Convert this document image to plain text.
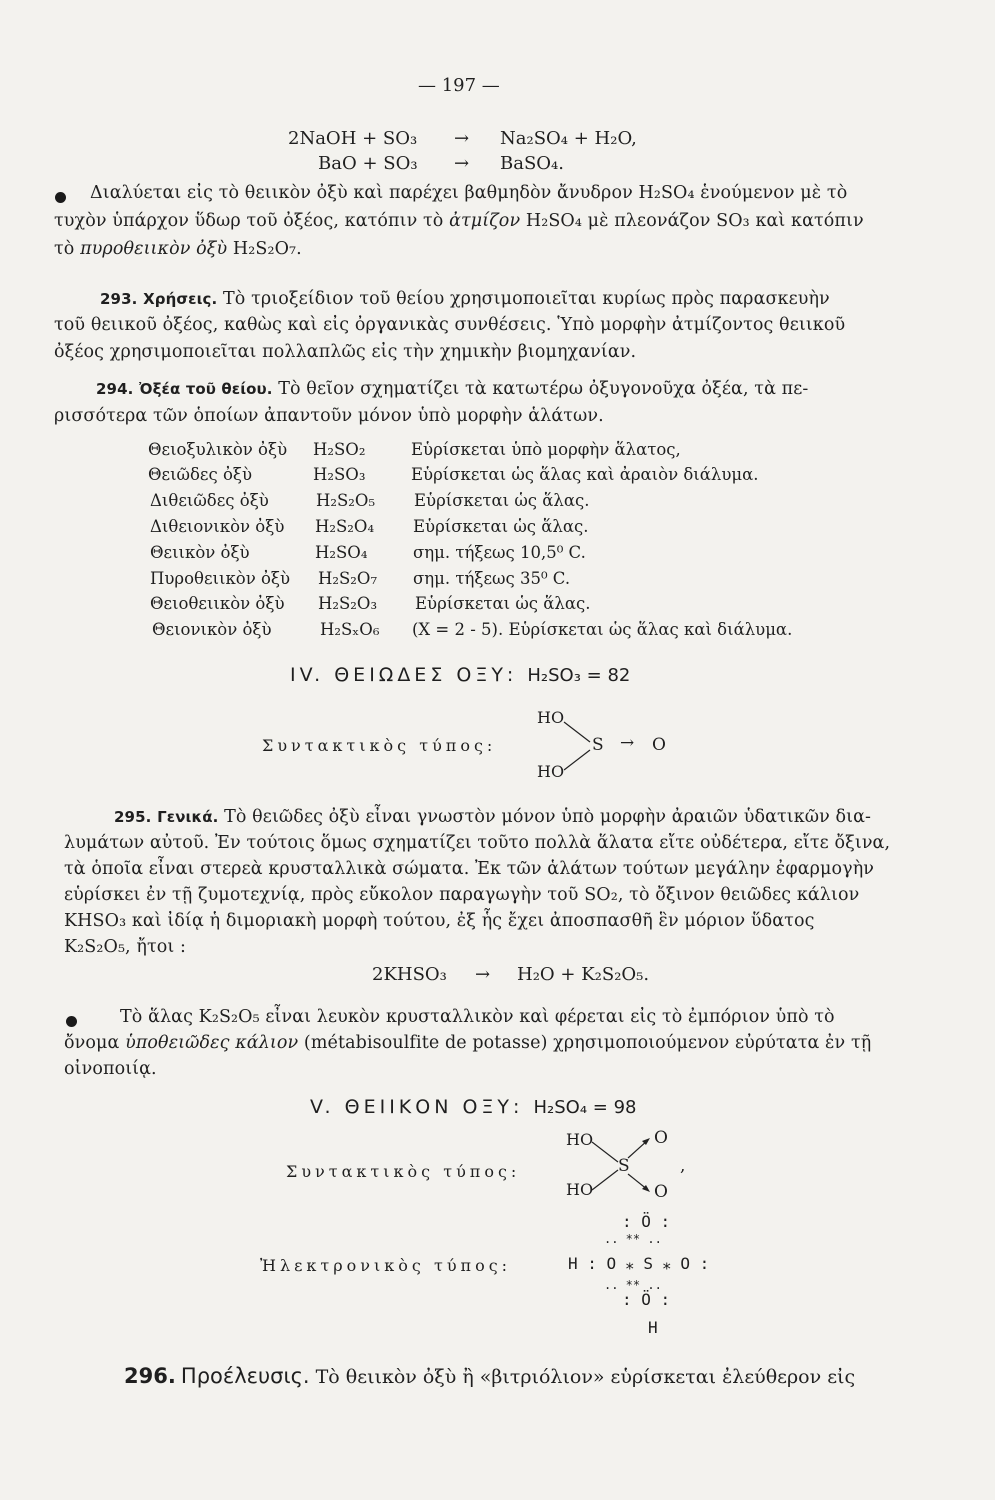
— 197 —
2NaOH + SO₃ → Na₂SO₄ + H₂O,
BaO + SO₃ → BaSO₄.
Διαλύεται εἰς τὸ θειικὸν ὀξὺ καὶ παρέχει βαθμηδὸν ἄνυδρον H₂SO₄ ἑνούμενον μὲ τὸ
τυχὸν ὑπάρχον ὕδωρ τοῦ ὀξέος, κατόπιν τὸ ἀτμίζον H₂SO₄ μὲ πλεονάζον SO₃ καὶ κατόπιν
τὸ πυροθειικὸν ὀξὺ H₂S₂O₇.
293. Χρήσεις. Τὸ τριοξείδιον τοῦ θείου χρησιμοποιεῖται κυρίως πρὸς παρασκευὴν
τοῦ θειικοῦ ὀξέος, καθὼς καὶ εἰς ὀργανικὰς συνθέσεις. Ὑπὸ μορφὴν ἀτμίζοντος θειικοῦ
ὀξέος χρησιμοποιεῖται πολλαπλῶς εἰς τὴν χημικὴν βιομηχανίαν.
294. Ὀξέα τοῦ θείου. Τὸ θεῖον σχηματίζει τὰ κατωτέρω ὀξυγονοῦχα ὀξέα, τὰ πε-
ρισσότερα τῶν ὁποίων ἀπαντοῦν μόνον ὑπὸ μορφὴν ἁλάτων.
Θειοξυλικὸν ὀξὺ H₂SO₂	Εὑρίσκεται ὑπὸ μορφὴν ἅλατος,
Θειῶδες ὀξὺ	H₂SO₃	Εὑρίσκεται ὡς ἅλας καὶ ἀραιὸν διάλυμα.
Διθειῶδες ὀξὺ	H₂S₂O₅ Εὑρίσκεται ὡς ἅλας.
Διθειονικὸν ὀξὺ H₂S₂O₄ Εὑρίσκεται ὡς ἅλας.
Θειικὸν ὀξὺ	H₂SO₄	σημ. τήξεως 10,5⁰ C.
Πυροθειικὸν ὀξὺ H₂S₂O₇ σημ. τήξεως 35⁰ C.
Θειοθειικὸν ὀξὺ H₂S₂O₃ Εὑρίσκεται ὡς ἅλας.
Θειονικὸν ὀξὺ	H₂SₓO₆ (X = 2 - 5). Εὑρίσκεται ὡς ἅλας καὶ διάλυμα.
IV. ΘΕΙΩΔΕΣ ΟΞΥ: H₂SO₃ = 82
Συντακτικὸς τύπος:
HO
HO
S → O
295. Γενικά. Τὸ θειῶδες ὀξὺ εἶναι γνωστὸν μόνον ὑπὸ μορφὴν ἀραιῶν ὑδατικῶν δια-
λυμάτων αὐτοῦ. Ἐν τούτοις ὅμως σχηματίζει τοῦτο πολλὰ ἅλατα εἴτε οὐδέτερα, εἴτε ὄξινα,
τὰ ὁποῖα εἶναι στερεὰ κρυσταλλικὰ σώματα. Ἐκ τῶν ἁλάτων τούτων μεγάλην ἐφαρμογὴν
εὑρίσκει ἐν τῇ ζυμοτεχνίᾳ, πρὸς εὔκολον παραγωγὴν τοῦ SO₂, τὸ ὄξινον θειῶδες κάλιον
KHSO₃ καὶ ἰδίᾳ ἡ διμοριακὴ μορφὴ τούτου, ἐξ ἧς ἔχει ἀποσπασθῆ ἓν μόριον ὕδατος
K₂S₂O₅, ἤτοι :
2KHSO₃ → H₂O + K₂S₂O₅.
Τὸ ἅλας K₂S₂O₅ εἶναι λευκὸν κρυσταλλικὸν καὶ φέρεται εἰς τὸ ἐμπόριον ὑπὸ τὸ
ὄνομα ὑποθειῶδες κάλιον (métabisoulfite de potasse) χρησιμοποιούμενον εὐρύτατα ἐν τῇ
οἰνοποιίᾳ.
V. ΘΕΙΙΚΟΝ ΟΞΥ: H₂SO₄ = 98
Συντακτικὸς τύπος:
HO
HO
S
O
O
,
Ἠλεκτρονικὸς τύπος:
: Ö :
.. ** ..
H : O ⁎ S ⁎ O :
.. ** ..
: Ö :
H
296. Προέλευσις. Τὸ θειικὸν ὀξὺ ἢ «βιτριόλιον» εὑρίσκεται ἐλεύθερον εἰς
